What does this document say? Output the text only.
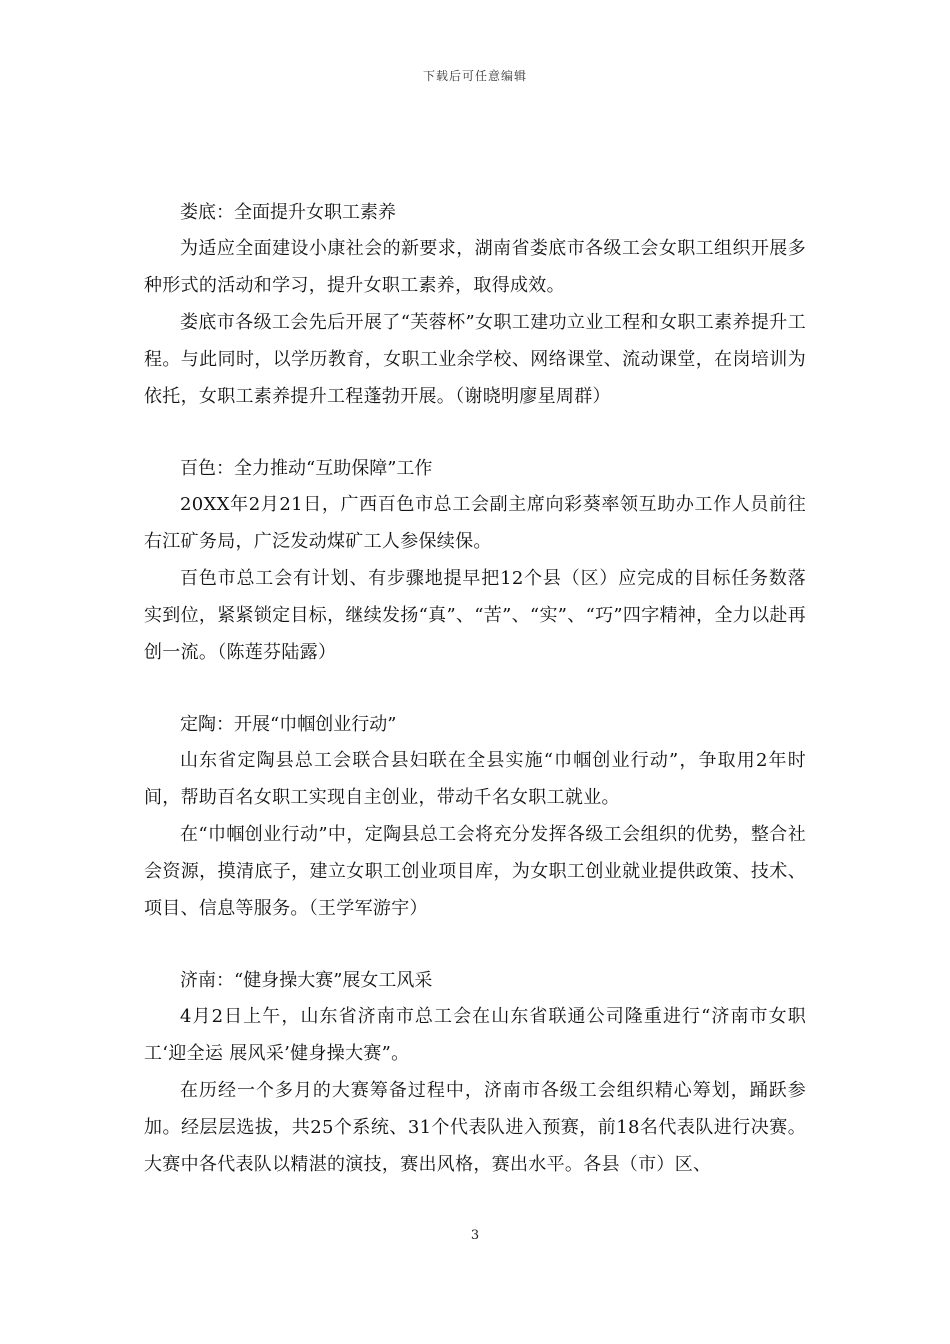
下载后可任意编辑

娄底：全面提升女职工素养

为适应全面建设小康社会的新要求，湖南省娄底市各级工会女职工组织开展多种形式的活动和学习，提升女职工素养，取得成效。

娄底市各级工会先后开展了“芙蓉杯”女职工建功立业工程和女职工素养提升工程。与此同时，以学历教育，女职工业余学校、网络课堂、流动课堂，在岗培训为依托，女职工素养提升工程蓬勃开展。（谢晓明廖星周群）

百色：全力推动“互助保障”工作

20XX年2月21日，广西百色市总工会副主席向彩葵率领互助办工作人员前往右江矿务局，广泛发动煤矿工人参保续保。

百色市总工会有计划、有步骤地提早把12个县（区）应完成的目标任务数落实到位，紧紧锁定目标，继续发扬“真”、“苦”、“实”、“巧”四字精神，全力以赴再创一流。（陈莲芬陆露）

定陶：开展“巾帼创业行动”

山东省定陶县总工会联合县妇联在全县实施“巾帼创业行动”，争取用2年时间，帮助百名女职工实现自主创业，带动千名女职工就业。

在“巾帼创业行动”中，定陶县总工会将充分发挥各级工会组织的优势，整合社会资源，摸清底子，建立女职工创业项目库，为女职工创业就业提供政策、技术、项目、信息等服务。（王学军游宇）

济南：“健身操大赛”展女工风采

4月2日上午，山东省济南市总工会在山东省联通公司隆重进行“济南市女职工‘迎全运 展风采’健身操大赛”。

在历经一个多月的大赛筹备过程中，济南市各级工会组织精心筹划，踊跃参加。经层层选拔，共25个系统、31个代表队进入预赛，前18名代表队进行决赛。大赛中各代表队以精湛的演技，赛出风格，赛出水平。各县（市）区、

3
